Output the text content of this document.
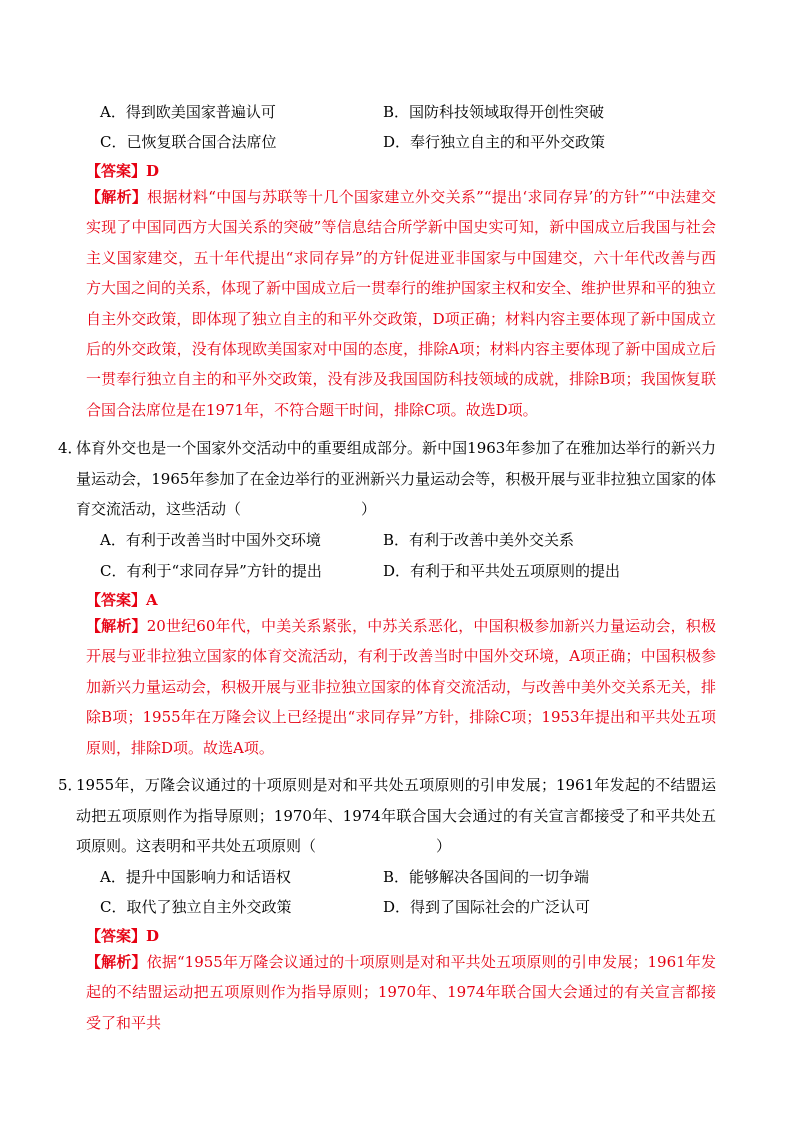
A．得到欧美国家普遍认可	B．国防科技领域取得开创性突破
C．已恢复联合国合法席位	D．奉行独立自主的和平外交政策
【答案】D
【解析】根据材料“中国与苏联等十几个国家建立外交关系”“提出‘求同存异’的方针”“中法建交实现了中国同西方大国关系的突破”等信息结合所学新中国史实可知，新中国成立后我国与社会主义国家建交，五十年代提出“求同存异”的方针促进亚非国家与中国建交，六十年代改善与西方大国之间的关系，体现了新中国成立后一贯奉行的维护国家主权和安全、维护世界和平的独立自主外交政策，即体现了独立自主的和平外交政策，D项正确；材料内容主要体现了新中国成立后的外交政策，没有体现欧美国家对中国的态度，排除A项；材料内容主要体现了新中国成立后一贯奉行独立自主的和平外交政策，没有涉及我国国防科技领域的成就，排除B项；我国恢复联合国合法席位是在1971年，不符合题干时间，排除C项。故选D项。
4．
体育外交也是一个国家外交活动中的重要组成部分。新中国1963年参加了在雅加达举行的新兴力量运动会，1965年参加了在金边举行的亚洲新兴力量运动会等，积极开展与亚非拉独立国家的体育交流活动，这些活动（	）
A．有利于改善当时中国外交环境	B．有利于改善中美外交关系
C．有利于“求同存异”方针的提出	D．有利于和平共处五项原则的提出
【答案】A
【解析】20世纪60年代，中美关系紧张，中苏关系恶化，中国积极参加新兴力量运动会，积极开展与亚非拉独立国家的体育交流活动，有利于改善当时中国外交环境，A项正确；中国积极参加新兴力量运动会，积极开展与亚非拉独立国家的体育交流活动，与改善中美外交关系无关，排除B项；1955年在万隆会议上已经提出“求同存异”方针，排除C项；1953年提出和平共处五项原则，排除D项。故选A项。
5．
1955年，万隆会议通过的十项原则是对和平共处五项原则的引申发展；1961年发起的不结盟运动把五项原则作为指导原则；1970年、1974年联合国大会通过的有关宣言都接受了和平共处五项原则。这表明和平共处五项原则（	）
A．提升中国影响力和话语权	B．能够解决各国间的一切争端
C．取代了独立自主外交政策	D．得到了国际社会的广泛认可
【答案】D
【解析】依据“1955年万隆会议通过的十项原则是对和平共处五项原则的引申发展；1961年发起的不结盟运动把五项原则作为指导原则；1970年、1974年联合国大会通过的有关宣言都接受了和平共
